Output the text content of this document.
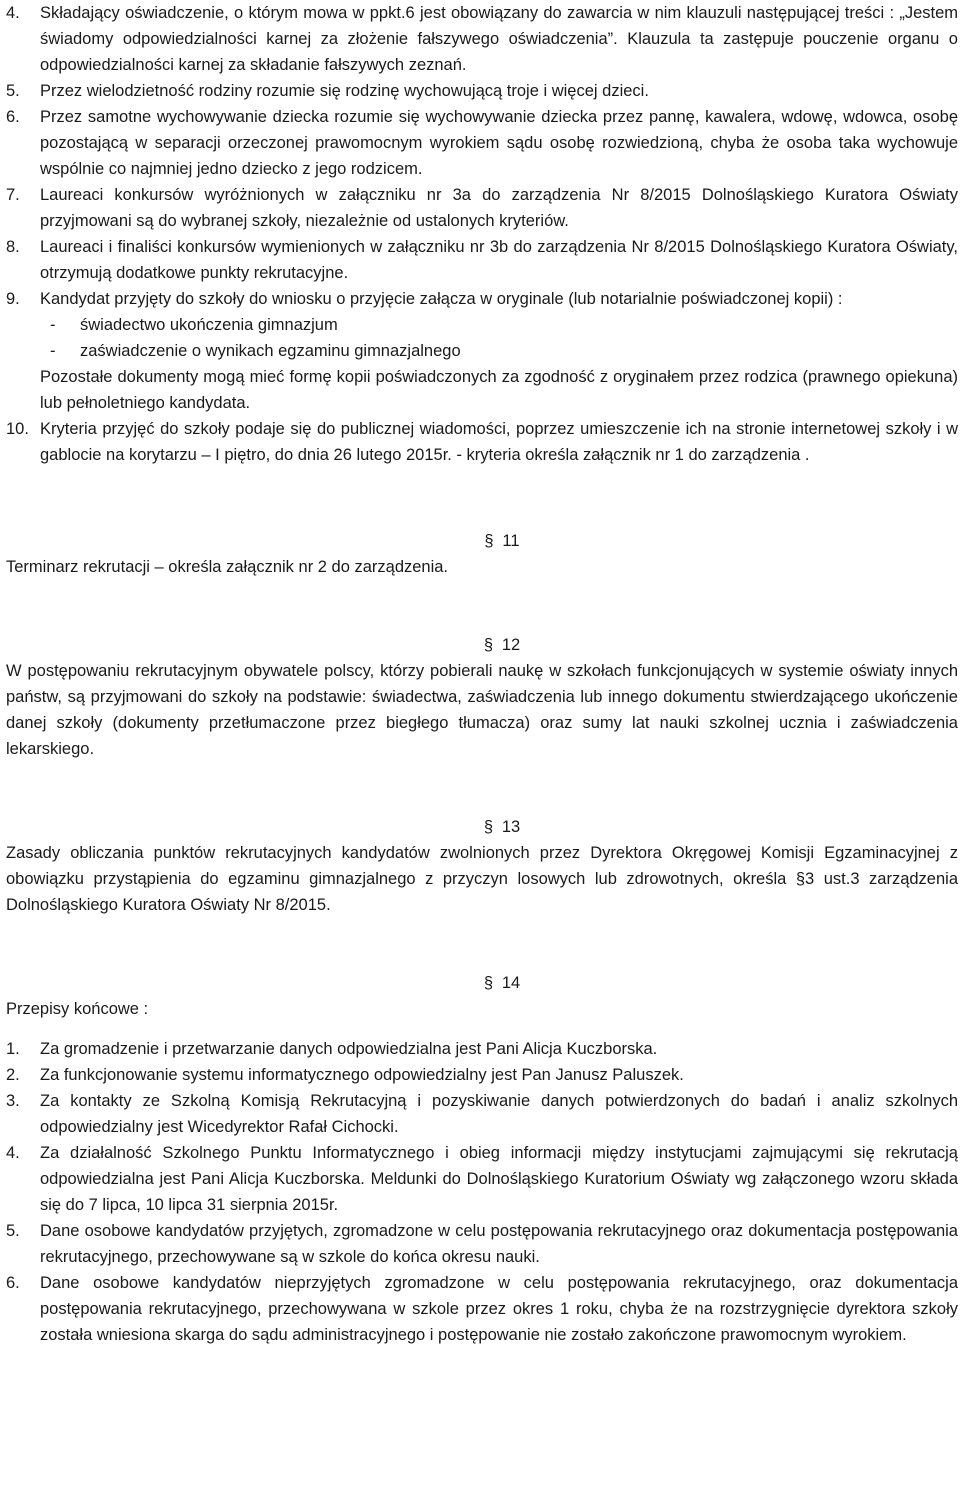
4.	Składający oświadczenie, o którym mowa w ppkt.6 jest obowiązany do zawarcia w nim klauzuli następującej treści : „Jestem świadomy odpowiedzialności karnej za złożenie fałszywego oświadczenia”. Klauzula ta zastępuje pouczenie organu o odpowiedzialności karnej za składanie fałszywych zeznań.
5.	Przez wielodzietność rodziny rozumie się rodzinę wychowującą troje i więcej dzieci.
6.	Przez samotne wychowywanie dziecka rozumie się wychowywanie dziecka przez pannę, kawalera, wdowę, wdowca, osobę pozostającą w separacji orzeczonej prawomocnym wyrokiem sądu osobę rozwiedzioną, chyba że osoba taka wychowuje wspólnie co najmniej jedno dziecko z jego rodzicem.
7.	Laureaci konkursów wyróżnionych w załączniku nr 3a do zarządzenia Nr 8/2015 Dolnośląskiego Kuratora Oświaty przyjmowani są do wybranej szkoły, niezależnie od ustalonych kryteriów.
8.	Laureaci i finaliści konkursów wymienionych w załączniku nr 3b do zarządzenia Nr 8/2015 Dolnośląskiego Kuratora Oświaty, otrzymują dodatkowe punkty rekrutacyjne.
9.	Kandydat przyjęty do szkoły do wniosku o przyjęcie załącza w oryginale (lub notarialnie poświadczonej kopii) :
-	świadectwo ukończenia gimnazjum
-	zaświadczenie o wynikach egzaminu gimnazjalnego
Pozostałe dokumenty mogą mieć formę kopii poświadczonych za zgodność z oryginałem przez rodzica (prawnego opiekuna) lub pełnoletniego kandydata.
10. Kryteria przyjęć do szkoły podaje się do publicznej wiadomości, poprzez umieszczenie ich na stronie internetowej szkoły i w gablocie na korytarzu – I piętro, do dnia 26 lutego 2015r. - kryteria określa załącznik nr 1 do zarządzenia .
§11
Terminarz rekrutacji – określa załącznik nr 2 do zarządzenia.
§12
W postępowaniu rekrutacyjnym obywatele polscy, którzy pobierali naukę w szkołach funkcjonujących w systemie oświaty innych państw, są przyjmowani do szkoły na podstawie: świadectwa, zaświadczenia lub innego dokumentu stwierdzającego ukończenie danej szkoły (dokumenty przetłumaczone przez biegłego tłumacza) oraz sumy lat nauki szkolnej ucznia i zaświadczenia lekarskiego.
§13
Zasady obliczania punktów rekrutacyjnych kandydatów zwolnionych przez Dyrektora Okręgowej Komisji Egzaminacyjnej z obowiązku przystąpienia do egzaminu gimnazjalnego z przyczyn losowych lub zdrowotnych, określa §3 ust.3 zarządzenia Dolnośląskiego Kuratora Oświaty Nr 8/2015.
§14
Przepisy końcowe :
1.	Za gromadzenie i przetwarzanie danych odpowiedzialna jest Pani Alicja Kuczborska.
2.	Za funkcjonowanie systemu informatycznego odpowiedzialny jest Pan Janusz Paluszek.
3.	Za kontakty ze Szkolną Komisją Rekrutacyjną i pozyskiwanie danych potwierdzonych do badań i analiz szkolnych odpowiedzialny jest Wicedyrektor Rafał Cichocki.
4.	Za działalność Szkolnego Punktu Informatycznego i obieg informacji między instytucjami zajmującymi się rekrutacją odpowiedzialna jest Pani Alicja Kuczborska. Meldunki do Dolnośląskiego Kuratorium Oświaty wg załączonego wzoru składa się do 7 lipca, 10 lipca 31 sierpnia 2015r.
5.	Dane osobowe kandydatów przyjętych, zgromadzone w celu postępowania rekrutacyjnego oraz dokumentacja postępowania rekrutacyjnego, przechowywane są w szkole do końca okresu nauki.
6.	Dane osobowe kandydatów nieprzyjętych zgromadzone w celu postępowania rekrutacyjnego, oraz dokumentacja postępowania rekrutacyjnego, przechowywana w szkole przez okres 1 roku, chyba że na rozstrzygnięcie dyrektora szkoły została wniesiona skarga do sądu administracyjnego i postępowanie nie zostało zakończone prawomocnym wyrokiem.
